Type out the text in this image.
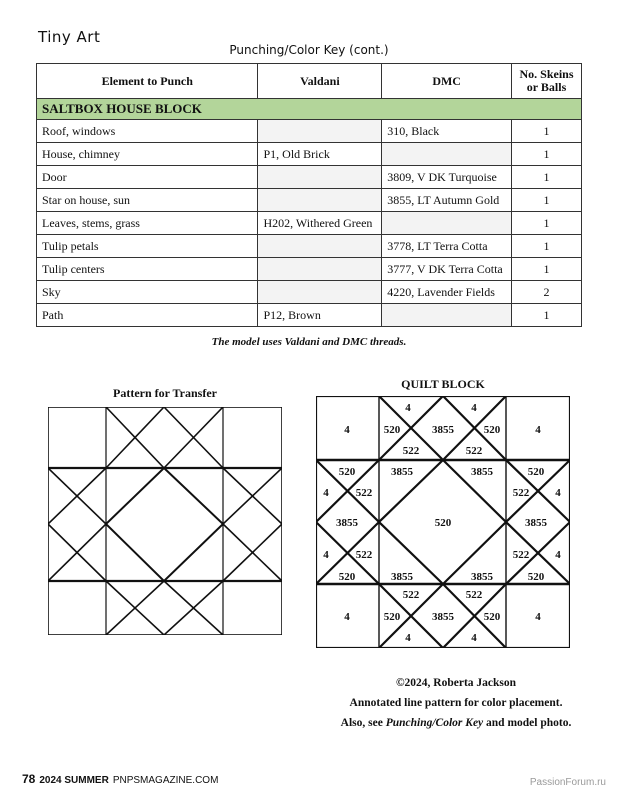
Tiny Art
Punching/Color Key (cont.)
Element to Punch	Valdani	DMC	No. Skeins or Balls
SALTBOX HOUSE BLOCK			
Roof, windows		310, Black	1
House, chimney	P1, Old Brick		1
Door		3809, V DK Turquoise	1
Star on house, sun		3855, LT Autumn Gold	1
Leaves, stems, grass	H202, Withered Green		1
Tulip petals		3778, LT Terra Cotta	1
Tulip centers		3777, V DK Terra Cotta	1
Sky		4220, Lavender Fields	2
Path	P12, Brown		1
The model uses Valdani and DMC threads.
Pattern for Transfer
QUILT BLOCK
4	4
4	4
4	4
520	520
3855
522	522
4	4
520	520
3855
522	522
520
520
4
4
522
522
3855
520
520
4
4
522
522
3855
520
3855	3855
3855	3855
©2024, Roberta Jackson
Annotated line pattern for color placement.
Also, see Punching/Color Key and model photo.
78 2024 SUMMER PNPSMAGAZINE.COM	PassionForum.ru
